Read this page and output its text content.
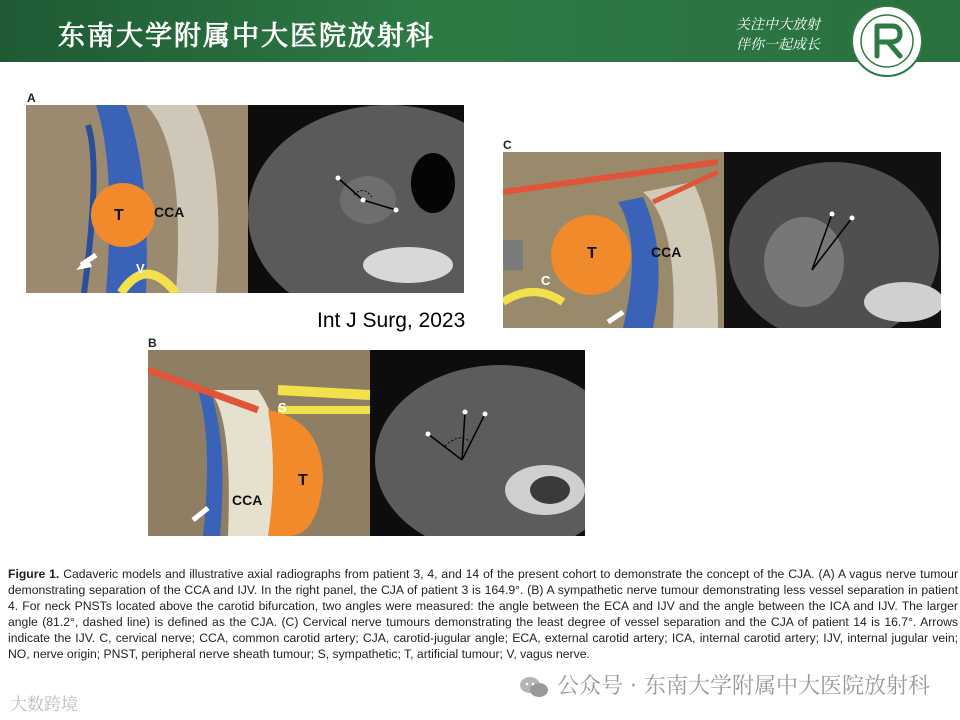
东南大学附属中大医院放射科	关注中大放射
伴你一起成长
A
T CCA
V
C
T	CCA
C
Int J Surg, 2023
B
S
T
CCA
Figure 1. Cadaveric models and illustrative axial radiographs from patient 3, 4, and 14 of the present cohort to demonstrate the concept of the CJA. (A) A vagus nerve tumour demonstrating separation of the CCA and IJV. In the right panel, the CJA of patient 3 is 164.9°. (B) A sympathetic nerve tumour demonstrating less vessel separation in patient 4. For neck PNSTs located above the carotid bifurcation, two angles were measured: the angle between the ECA and IJV and the angle between the ICA and IJV. The larger angle (81.2°, dashed line) is defined as the CJA. (C) Cervical nerve tumours demonstrating the least degree of vessel separation and the CJA of patient 14 is 16.7°. Arrows indicate the IJV. C, cervical nerve; CCA, common carotid artery; CJA, carotid-jugular angle; ECA, external carotid artery; ICA, internal carotid artery; IJV, internal jugular vein; NO, nerve origin; PNST, peripheral nerve sheath tumour; S, sympathetic; T, artificial tumour; V, vagus nerve.
大数跨境
公众号 · 东南大学附属中大医院放射科
